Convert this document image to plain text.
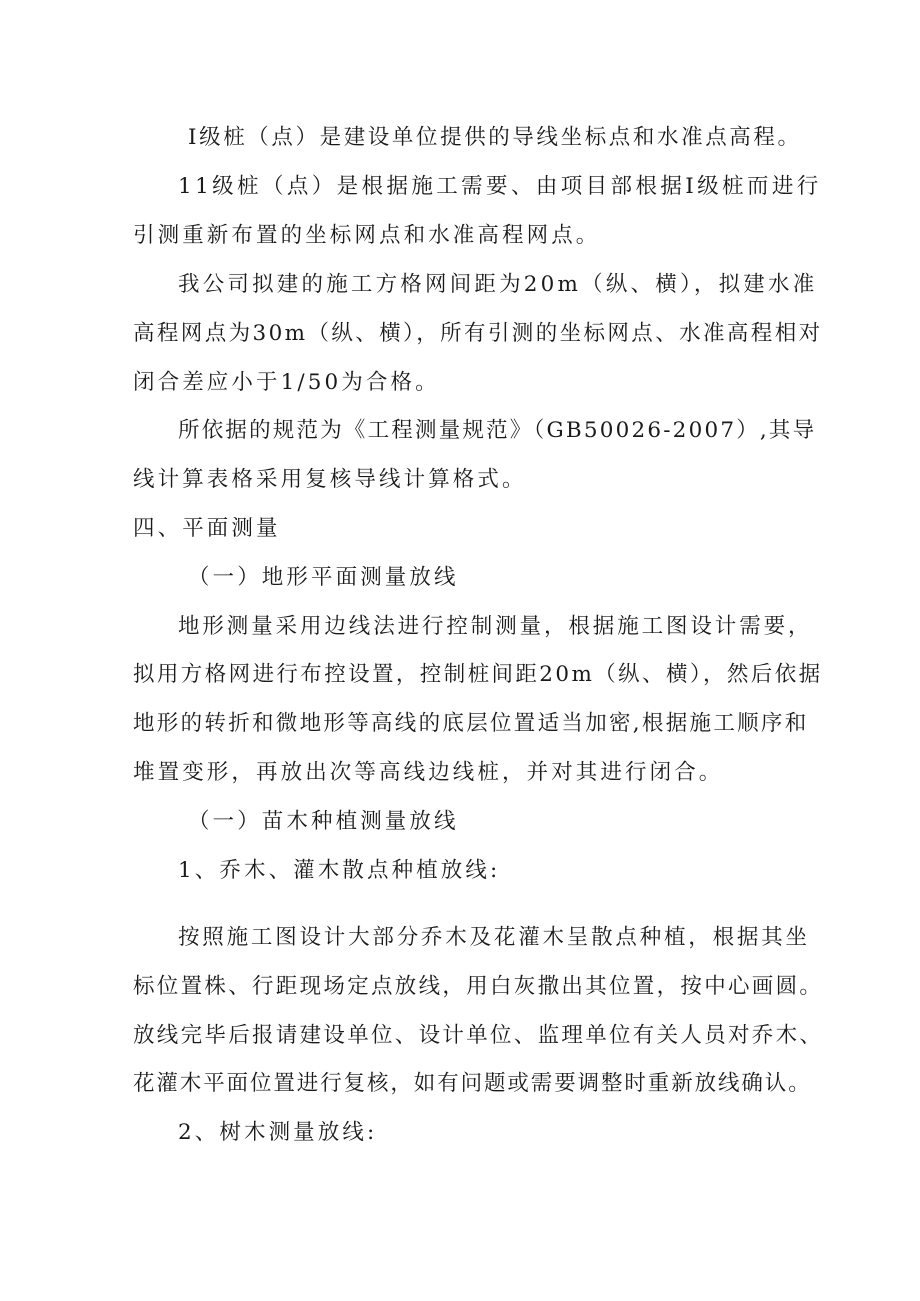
Ⅰ级桩（点）是建设单位提供的导线坐标点和水准点高程。
11级桩（点）是根据施工需要、由项目部根据Ⅰ级桩而进行
引测重新布置的坐标网点和水准高程网点。
我公司拟建的施工方格网间距为20m（纵、横），拟建水准
高程网点为30m（纵、横），所有引测的坐标网点、水准高程相对
闭合差应小于1/50为合格。
所依据的规范为《工程测量规范》（GB50026-2007）,其导
线计算表格采用复核导线计算格式。
四、平面测量
（一）地形平面测量放线
地形测量采用边线法进行控制测量，根据施工图设计需要，
拟用方格网进行布控设置，控制桩间距20m（纵、横），然后依据
地形的转折和微地形等高线的底层位置适当加密,根据施工顺序和
堆置变形，再放出次等高线边线桩，并对其进行闭合。
（一）苗木种植测量放线
1、乔木、灌木散点种植放线:
按照施工图设计大部分乔木及花灌木呈散点种植，根据其坐
标位置株、行距现场定点放线，用白灰撒出其位置，按中心画圆。
放线完毕后报请建设单位、设计单位、监理单位有关人员对乔木、
花灌木平面位置进行复核，如有问题或需要调整时重新放线确认。
2、树木测量放线:
